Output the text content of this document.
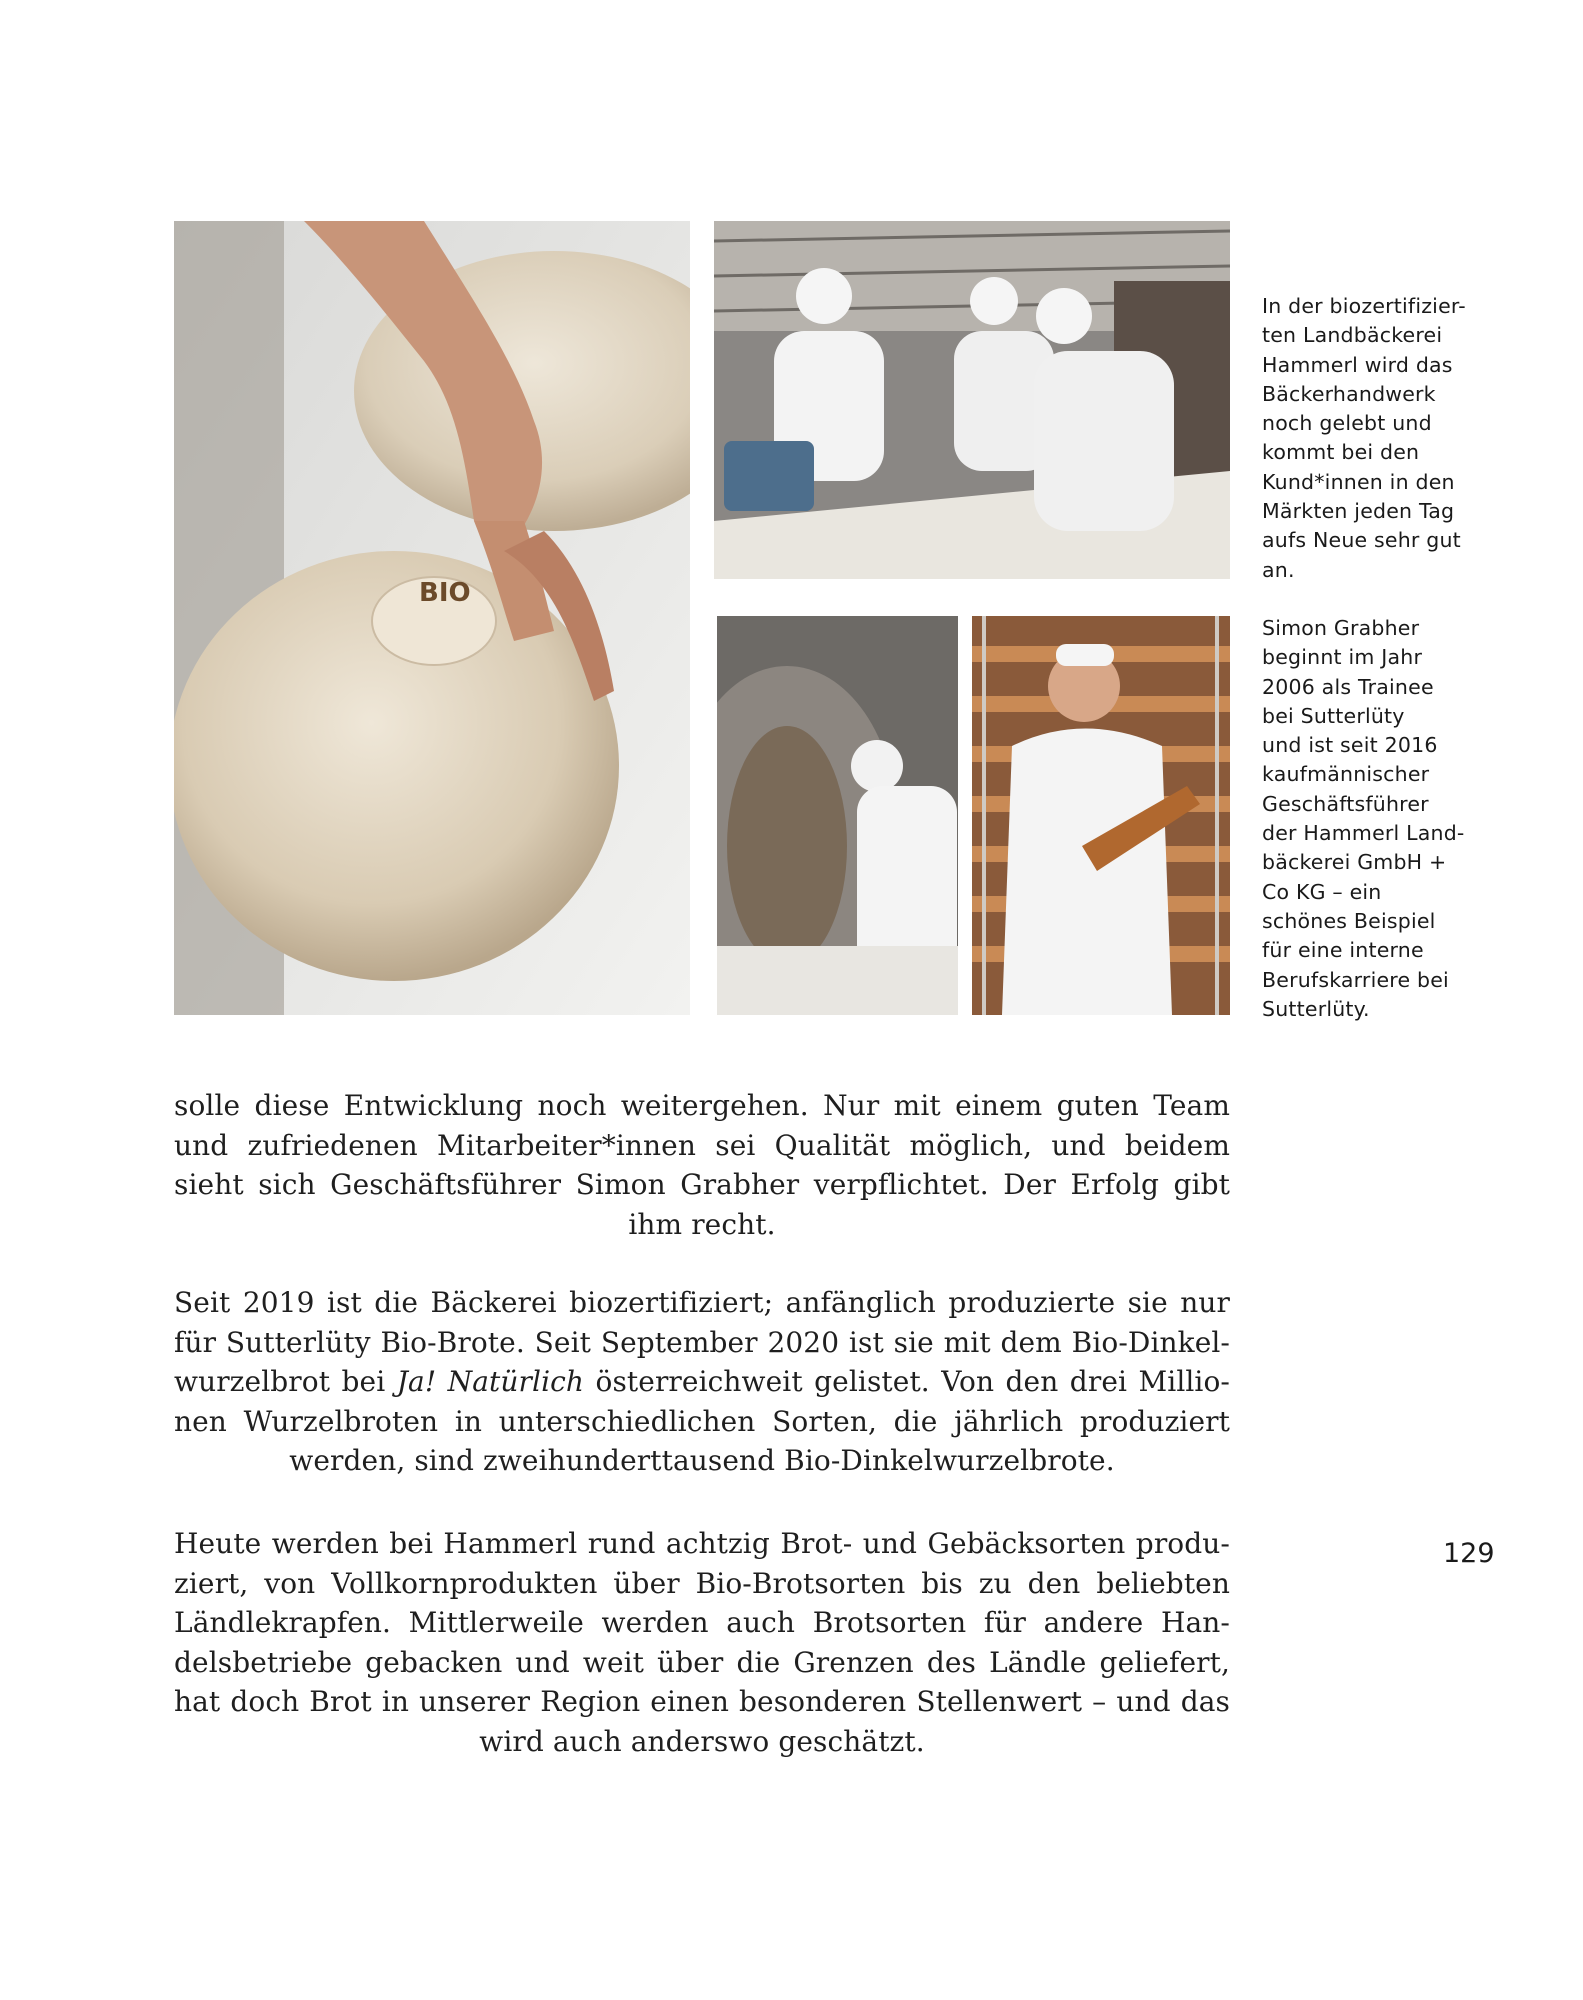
BIO

In der biozertifizier-
ten Landbäckerei
Hammerl wird das
Bäckerhandwerk
noch gelebt und
kommt bei den
Kund*innen in den
Märkten jeden Tag
aufs Neue sehr gut
an.

Simon Grabher
beginnt im Jahr
2006 als Trainee
bei Sutterlüty
und ist seit 2016
kaufmännischer
Geschäftsführer
der Hammerl Land-
bäckerei GmbH +
Co KG – ein
schönes Beispiel
für eine interne
Berufskarriere bei
Sutterlüty.

solle diese Entwicklung noch weitergehen. Nur mit einem guten Team und zufriedenen Mitarbeiter*innen sei Qualität möglich, und beidem sieht sich Geschäftsführer Simon Grabher verpflichtet. Der Erfolg gibt ihm recht.

Seit 2019 ist die Bäckerei biozertifiziert; anfänglich produzierte sie nur für Sutterlüty Bio-Brote. Seit September 2020 ist sie mit dem Bio-Dinkel-wurzelbrot bei Ja! Natürlich österreichweit gelistet. Von den drei Millio-nen Wurzelbroten in unterschiedlichen Sorten, die jährlich produziert werden, sind zweihunderttausend Bio-Dinkelwurzelbrote.

Heute werden bei Hammerl rund achtzig Brot- und Gebäcksorten produ-ziert, von Vollkornprodukten über Bio-Brotsorten bis zu den beliebten Ländlekrapfen. Mittlerweile werden auch Brotsorten für andere Han-delsbetriebe gebacken und weit über die Grenzen des Ländle geliefert, hat doch Brot in unserer Region einen besonderen Stellenwert – und das wird auch anderswo geschätzt.

129
